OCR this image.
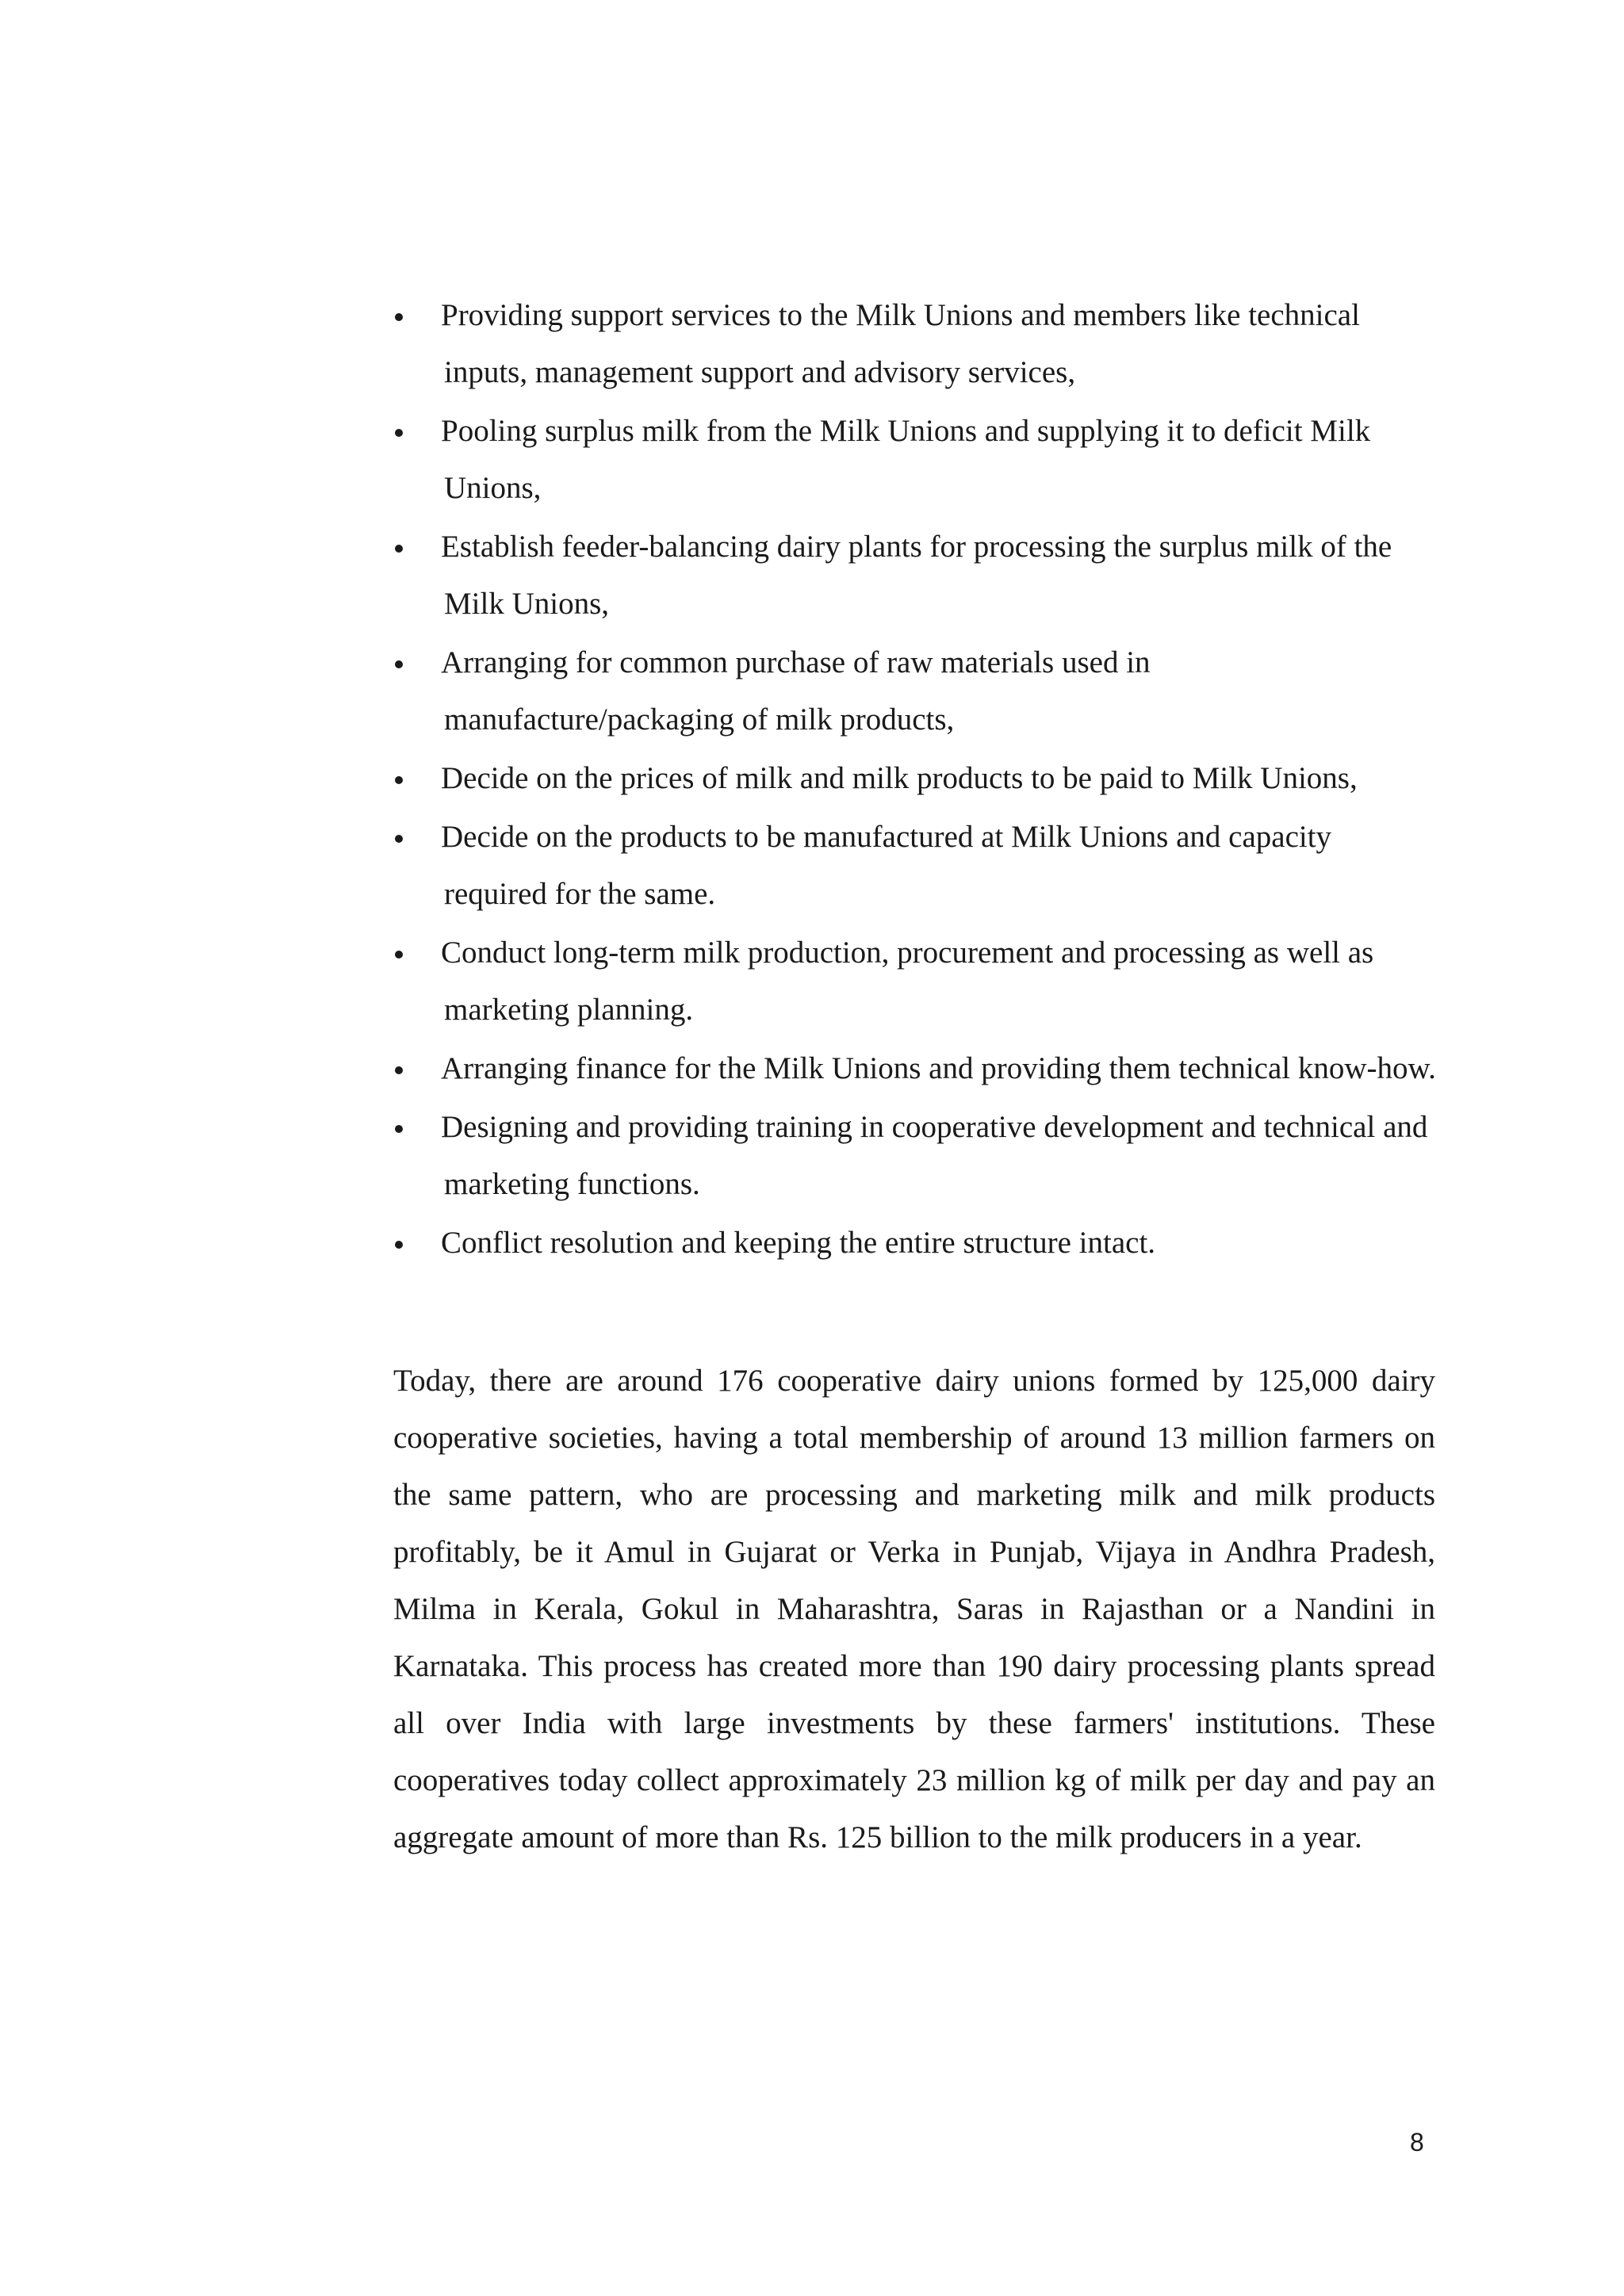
Providing support services to the Milk Unions and members like technical inputs, management support and advisory services,
Pooling surplus milk from the Milk Unions and supplying it to deficit Milk Unions,
Establish feeder-balancing dairy plants for processing the surplus milk of the Milk Unions,
Arranging for common purchase of raw materials used in manufacture/packaging of milk products,
Decide on the prices of milk and milk products to be paid to Milk Unions,
Decide on the products to be manufactured at Milk Unions and capacity required for the same.
Conduct long-term milk production, procurement and processing as well as marketing planning.
Arranging finance for the Milk Unions and providing them technical know-how.
Designing and providing training in cooperative development and technical and marketing functions.
Conflict resolution and keeping the entire structure intact.

Today, there are around 176 cooperative dairy unions formed by 125,000 dairy cooperative societies, having a total membership of around 13 million farmers on the same pattern, who are processing and marketing milk and milk products profitably, be it Amul in Gujarat or Verka in Punjab, Vijaya in Andhra Pradesh, Milma in Kerala, Gokul in Maharashtra, Saras in Rajasthan or a Nandini in Karnataka. This process has created more than 190 dairy processing plants spread all over India with large investments by these farmers' institutions. These cooperatives today collect approximately 23 million kg of milk per day and pay an aggregate amount of more than Rs. 125 billion to the milk producers in a year.

8
